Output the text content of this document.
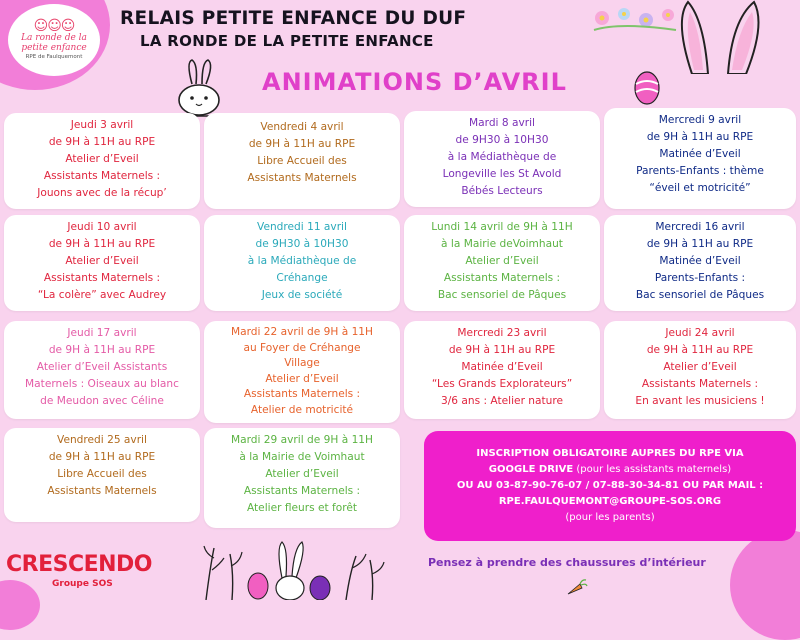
☺☺☺
La ronde de la
petite enfance
RPE de Faulquemont
RELAIS PETITE ENFANCE DU DUF
LA RONDE DE LA PETITE ENFANCE
ANIMATIONS D’AVRIL
Jeudi 3 avril
de 9H à 11H au RPE
Atelier d’Eveil
Assistants Maternels :
Jouons avec de la récup’
Vendredi 4 avril
de 9H à 11H au RPE
Libre Accueil des
Assistants Maternels
Mardi 8 avril
de 9H30 à 10H30
à la Médiathèque de
Longeville les St Avold
Bébés Lecteurs
Mercredi 9 avril
de 9H à 11H au RPE
Matinée d’Eveil
Parents-Enfants : thème
“éveil et motricité”
Jeudi 10 avril
de 9H à 11H au RPE
Atelier d’Eveil
Assistants Maternels :
“La colère” avec Audrey
Vendredi 11 avril
de 9H30 à 10H30
à la Médiathèque de
Créhange
Jeux de société
Lundi 14 avril de 9H à 11H
à la Mairie deVoimhaut
Atelier d’Eveil
Assistants Maternels :
Bac sensoriel de Pâques
Mercredi 16 avril
de 9H à 11H au RPE
Matinée d’Eveil
Parents-Enfants :
Bac sensoriel de Pâques
Jeudi 17 avril
de 9H à 11H au RPE
Atelier d’Eveil Assistants
Maternels : Oiseaux au blanc
de Meudon avec Céline
Mardi 22 avril de 9H à 11H
au Foyer de Créhange
Village
Atelier d’Eveil
Assistants Maternels :
Atelier de motricité
Mercredi 23 avril
de 9H à 11H au RPE
Matinée d’Eveil
“Les Grands Explorateurs”
3/6 ans : Atelier nature
Jeudi 24 avril
de 9H à 11H au RPE
Atelier d’Eveil
Assistants Maternels :
En avant les musiciens !
Vendredi 25 avril
de 9H à 11H au RPE
Libre Accueil des
Assistants Maternels
Mardi 29 avril de 9H à 11H
à la Mairie de Voimhaut
Atelier d’Eveil
Assistants Maternels :
Atelier fleurs et forêt
INSCRIPTION OBLIGATOIRE AUPRES DU RPE VIA
GOOGLE DRIVE (pour les assistants maternels)
OU AU 03-87-90-76-07 / 07-88-30-34-81 OU PAR MAIL :
RPE.FAULQUEMONT@GROUPE-SOS.ORG
(pour les parents)
CRESCENDO
Groupe SOS
Pensez à prendre des chaussures d’intérieur
